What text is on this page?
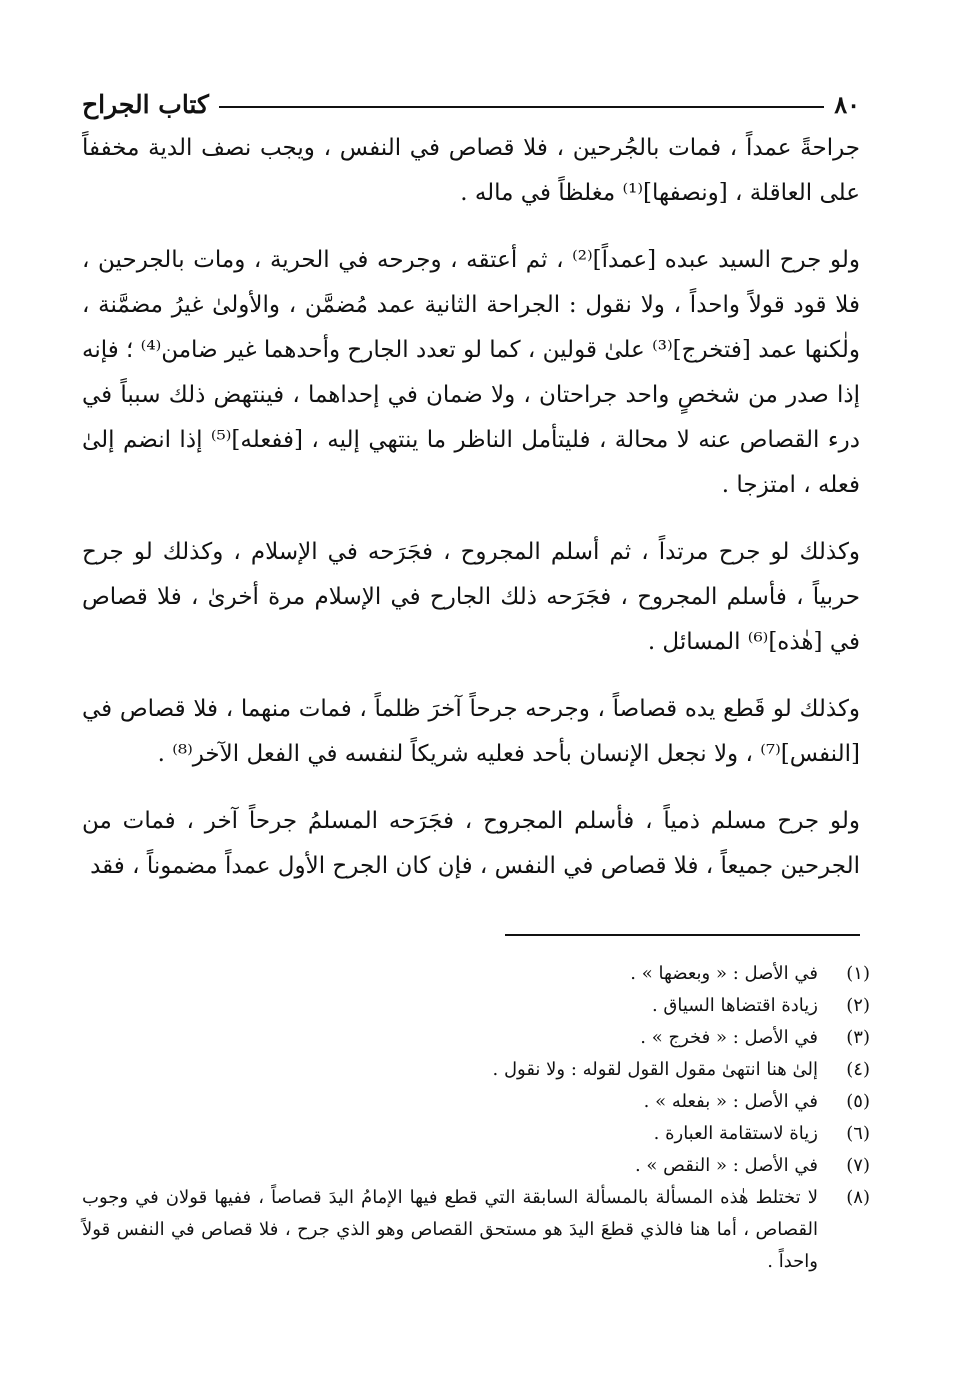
٨٠
كتاب الجراح

جراحةً عمداً ، فمات بالجُرحين ، فلا قصاص في النفس ، ويجب نصف الدية مخففاً على العاقلة ، [ونصفها]⁽¹⁾ مغلظاً في ماله .

ولو جرح السيد عبده [عمداً]⁽²⁾ ، ثم أعتقه ، وجرحه في الحرية ، ومات بالجرحين ، فلا قود قولاً واحداً ، ولا نقول : الجراحة الثانية عمد مُضمَّن ، والأولىٰ غيرُ مضمَّنة ، ولٰكنها عمد [فتخرج]⁽³⁾ علىٰ قولين ، كما لو تعدد الجارح وأحدهما غير ضامن⁽⁴⁾ ؛ فإنه إذا صدر من شخصٍ واحد جراحتان ، ولا ضمان في إحداهما ، فينتهض ذلك سبباً في درء القصاص عنه لا محالة ، فليتأمل الناظر ما ينتهي إليه ، [ففعله]⁽⁵⁾ إذا انضم إلىٰ فعله ، امتزجا .

وكذلك لو جرح مرتداً ، ثم أسلم المجروح ، فجَرَحه في الإسلام ، وكذلك لو جرح حربياً ، فأسلم المجروح ، فجَرَحه ذلك الجارح في الإسلام مرة أخرىٰ ، فلا قصاص في [هٰذه]⁽⁶⁾ المسائل .

وكذلك لو قَطع يده قصاصاً ، وجرحه جرحاً آخرَ ظلماً ، فمات منهما ، فلا قصاص في [النفس]⁽⁷⁾ ، ولا نجعل الإنسان بأحد فعليه شريكاً لنفسه في الفعل الآخر⁽⁸⁾ .

ولو جرح مسلم ذمياً ، فأسلم المجروح ، فجَرَحه المسلمُ جرحاً آخر ، فمات من الجرحين جميعاً ، فلا قصاص في النفس ، فإن كان الجرح الأول عمداً مضموناً ، فقد

(١)
في الأصل : « وبعضها » .
(٢)
زيادة اقتضاها السياق .
(٣)
في الأصل : « فخرج » .
(٤)
إلىٰ هنا انتهىٰ مقول القول لقوله : ولا نقول .
(٥)
في الأصل : « بفعله » .
(٦)
زياة لاستقامة العبارة .
(٧)
في الأصل : « النقص » .
(٨)
لا تختلط هٰذه المسألة بالمسألة السابقة التي قطع فيها الإمامُ اليدَ قصاصاً ، ففيها قولان في وجوب القصاص ، أما هنا فالذي قطعَ اليدَ هو مستحق القصاص وهو الذي جرح ، فلا قصاص في النفس قولاً واحداً .
